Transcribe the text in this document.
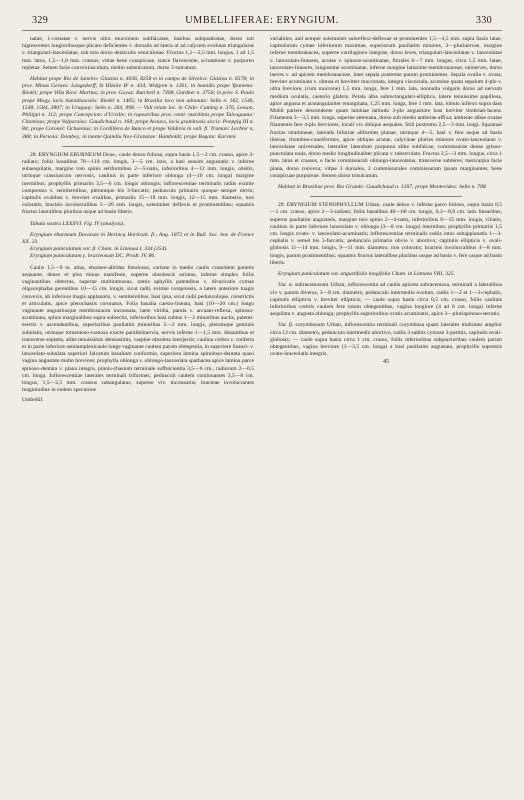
329	UMBELLIFERAE: ERYNGIUM.	330

natae, 1-costatae v. nervis ultra mucronem subfalcatae, basibus subquadratae, dorso toti nigrescentes longioribusque plicato deficientes v. dorsalis ad latera ut ad calycem evolutas triangularas v. triangulari-lanceolatae, sub toto dorso denticulis veniculosae. Fructus 1,2—2,5 mm. longus, 1 ad 1,5 mm. latus, 1,5—1,8 mm. crassus; vittae bene conspicuae, sunce flavescente, scrutatione v. purpureo repletae. Semen facie convexiusculum, medio subsulcatum, dorso 3-sulcatum.

Habitat prope Rio de Janeiro: Glaziou n. 4036, 8258 et in campo de Silveira: Glaziou n. 6578; in prov. Minas Geraes: Langsdorff, St Hilaire B¹ n. 434, Widgren n. 1261; in humidis prope Ypanema: Riedel; prope Villa Rica: Martius; in prov. Goyaz: Burchell n. 7408, Gardner n. 3758; in prov. S. Paulo prope Mogy, locis humidiusculis: Riedel n. 1405; in Brasilia loco non adnotato: Sello n. 182, 1546, 1548, 1584, 3807; in Uruguay: Sello n. 264, 998. — Vidi etiam loc. in Chile: Cuming n. 376, Lesson, Philippi n. 112; prope Concepcion: d'Urville; in rupestribus prov. centr. maritimis prope Talcaguano: Chamisso; prope Valparaiso: Gaudichaud n. 168; prope Arauco, locis graminosis siccis: Poeppig III n. 84; prope Coronel: Ochsenius; in Cordillera de Banco et prope Valdivia in vall. fl. Truman: Lechler n. 388; in Peruvia: Dombey; in monte Quindiu Nov-Granatae: Humboldt; prope Bogota: Karsten.

28. ERYNGIUM EBURNEUM Dcne., caule denso foliosa, supra basin 1,5—2 cm. crasso, apice 3-radiato; foliis basalibus 70—110 cm. longis, 3—5 cm. latis, a basi sensim angustatis v. inferne subaequilatis, margine toto spinis setiformibus 2—5-natis, inferioribus 4—12 mm. longis, obsitis, utrinque crassiusculo nervosis, caulinis in parte inferiore oblonga (4—10 cm. longa) margine inermibus; prophyllis primariis 3,5—6 cm. longis oblongis; inflorescentiae terminalis radiis eximie compressis v. semiteretibus, plerumque bis 3-furcatis; pedunculo primario quoque semper obvio; capitulis ovalibus v. breviter ovalibus, primariis 15—18 mm. longis, 12—15 mm. diametro, non coloratis; bracteis involucralibus 5—20 mm. longis, solemniter deflexis et prominentibus; squamis fructus lateralibus pluribus usque ad basin liberis.

Tabula nostra LXXXVI. Fig. IV (analysis).

Eryngium eburneum Decaisne in Herincq Horticult. fr., Aug. 1872 et in Bull. Soc. bot. de France XX. 23.

Eryngium paniculatum var. β. Cham. in Linnaea I. 334 (254).

Eryngium paniculatum γ. bracteosum DC. Prodr. IV. 86.

Caulis 1,5—9 m. altus, eburneo-albidus fistulosus, caritate in medio caulis crassitiem parietis aequante, denso et plus minus manifeste, superne obsolescis striatus, inferne simplex foliis vaginantibus obtectus, superne multiramosus, ramis aphyllis patentibus v. divaricatis cymae oligocephalas gerentibus 10—15 cm. longis, sicut radii, eximie compressis, a latere anteriore tuagis convexis, ab inferiore magis applanatis, v. semiteretibus, basi ipsa, sicut radii pedunculique, constrictis et articulatis, apice plerochasiis coronatus. Folia basalia caesio-lineata, basi (10—20 cm.) longo vaginante angustiusque membranacea incrassata, laete viridia, patula v. arcuato-reflexa, spinoso-acuminata, spinis marginalibus supra subrectis, inferioribus basi subtus 1—2 minoribus auctis, patenti-erectis v. ascendentibus, superioribus paullatim minoribus 5—2 mm. longis, plerumque geminis subulatis, utrinque tomentoso-carnosa exacte parallelinervia, nervis inferne 1—1,5 mm. distantibus et transverse septatis, alike tenuissimis densissimis, vaspine obsoleta interjectis; caulina crebra v. conferta et in parte inferiore semiamplexicaule longe vaginante caulem parum obtegentia, in superiore lineari- v. lanceolato-subulata superiori falcatum basalium conformia, superiora lamina spinuloso-dentata quasi vagina angustate multo breviore; prophylla oblonga v. oblongo-lanceolata spathacea apice lamina parce spinoso-dentata v. plana integra, pinnis-chasium terminale suffulcientia 3,5—6 cm., radiorum 2—6,5 cm. longa. Inflorescentiae laterales terminali triformes; pedunculi caulem continuantes 3,5—8 cm. longus, 1,5—2,5 mm. crassus subangulatus, superne viv. incrassatus; bracteae involucrantes magnitudine in eodem specimine

Umbellif.

variabiles, and semper solemniter subreflexi-deflexae et prominentes 1,5—4,5 mm. supra basin latae, capitulorum cymae inferiorum maximae, superiorum paullatim minores, 3—pluriuervae, margine inferne membranacea, superne cartilagineo integrae, dorso leves, triangulari-lanceolatae v. lanceolatae v. lanceolato-lineares, acutae v. spinoso-acuminatae, florales 6—7 mm. longae, circa 1,5 mm. latae, lanceolato-lineares, longissime acuminatae, inferne margine latissime membranaceae, uninerves, dorso laeves v. ad apicem membranaceae, inter sepala postreme parum prominentes. Sepala ovalia v. ovata, breviter acuminata v. obtusa et brevitter mucronata, integra viscosrala, acumine quam sepalum 4-plo v. ultra breviore, (cum mucrone) 1,5 mm. longa, fere 1 mm. lata, nonnulla vulgaris dorso ad nervum medium oculatis, caeterio glabris. Petala alba subrectangulari-elliptica, latere tenuissime papillosa, apice angusta et acutangulariter emarginata, 1,25 mm. longa, fere 1 mm. lata, lobulo inflexo supra dass Mobil partere descendente quam laminae latitudo 3-plo angustiore basi breviter limbriati-lacera. Filamenta 3—3,5 mm. longa, superne attenuata, dorso sub medio antherae affixa; antherae albae ovatae filamentis fere 4-plo breviores; loculi vix oblique aequales. Stili postremo 2,5—3 mm. longi. Squamae fructus stramineae, lateralis biforiae aliformes planae, utrinque 4—5, basi v. fere usque ad basin liberae, rhomboo-cuneiformes, apice oblique acutae, calycinae pluries minores ovato-lanceolatae v. lanceolatae universales, lateralier lateralum purpurea alike subfalcae, commissurae dense grisoo-punctulata nuda, dorso medio longitudinaliter plicata v. tuberculata. Fructus 2,5—3 mm. longus, circa 1 mm. latus et crassus, e facie commissurali oblongo-lanceolatus, transverse subteres; mericarpia facie plana, dorso convexa; vittae 3 dorsales, 2 commissurales commissuram ipsam marginantes, bene conspicuae purpureae. Semen dorso trisulcatum.

Habitat in Brasiliae prov. Rio Grande: Gaudichaud n. 1267; prope Montevidea: Sello n. 708.

29. ERYNGIUM STENOPHYLLUM Urban, caule denso v. inferne parce folioso, supra basin 0,5—1 cm. crasso, apice 2—3-radiato; foliis basalibus 40—60 cm. longis, 0,3—0,8 cm. latis linearibus, superne paullatim angustatis, margine toto spinis 2—4-natis, inferioribus 8—15 mm. longis, ciliatis, caulinis in parte inferiore lanceolato v. oblonga (3—8 cm. longo) inermibus; prophyllis primariis 1,5 cm. longis ovato- v. lanceolato-acuminatis; inflorescentiae terminalis radiis intus subapplanatis 1—3-cephalis v. semel bis 3-furcatis; pedunculo primario obvio v. abortivo; capitulis ellipticis v. ovali-globosis 11—14 mm. longis, 9—11 mm. diametro, non coloratis; bracteis involucralibus 4—8 mm. longis, parum prominentibus; squamis fructus lateralibus pluribus usque ad basin v. fere usque ad basin liberis.

Eryngium paniculatum var. angustifolia longifolia Cham. in Linnaea VIII. 325.

Var. α. subracemosum Urban, inflorescentia ad caulis apicem subracemosa, terminali a lateralibus vix v. parum diversa, 3—8 cm. diametro, pedunculo intermedio evoluto, radiis 1—2 et 1—3-cephalis, capitulis ellipticis v. breviter ellipticis; — caule supra basin circa 0,5 cm. crasso, foliis caulinis inferioribus crebris caulem fere totum obtegentibus, vagina longiore (4 ad 8 cm. longa) inferne aequilata v. angusta oblonga; prophyllis superioribus ovatis acuminatis, apice 3—pluriapinoso-serratis.

Var. β. corymbosum Urban, inflorescentia terminali corymbosa quam laterales multoties amplior circa 12 cm. diametro, pedunculo intermedio abortivo, radiis 3 subbis cymose 3-partitis, capitulis ovali-globosis; — caule supra basin circa 1 cm. crasso, foliis inferioribus subparcioribus caulem parum obtegentibus, vagina breviore (3—3,5 cm. longa) a basi paullatim angustata, prophyllis supremis ovato-lanceolatis integris.

45
